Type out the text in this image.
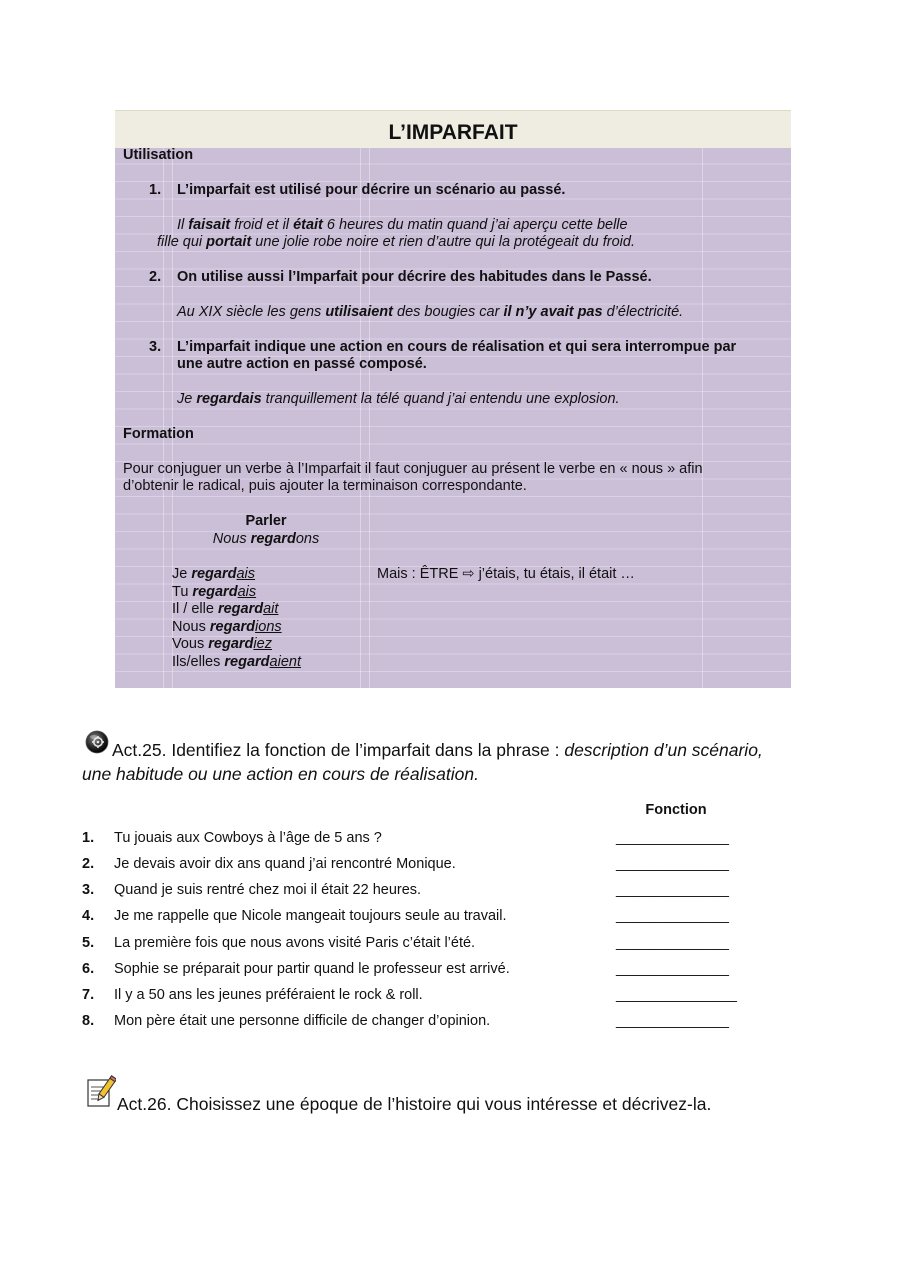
L’IMPARFAIT
Utilisation
1. L’imparfait est utilisé pour décrire un scénario au passé.
Il faisait froid et il était 6 heures du matin quand j’ai aperçu cette belle
fille qui portait une jolie robe noire et rien d’autre qui la protégeait du froid.
2. On utilise aussi l’Imparfait pour décrire des habitudes dans le Passé.
Au XIX siècle les gens utilisaient des bougies car il n’y avait pas d’électricité.
3. L’imparfait indique une action en cours de réalisation et qui sera interrompue par
une autre action en passé composé.
Je regardais tranquillement la télé quand j’ai entendu une explosion.
Formation
Pour conjuguer un verbe à l’Imparfait il faut conjuguer au présent le verbe en « nous » afin
d’obtenir le radical, puis ajouter la terminaison correspondante.
Parler
Nous regardons
Je regardais
Tu regardais
Il / elle regardait
Nous regardions
Vous regardiez
Ils/elles regardaient
Mais : ÊTRE ⇨ j’étais, tu étais, il était …
Act.25. Identifiez la fonction de l’imparfait dans la phrase : description d’un scénario,
une habitude ou une action en cours de réalisation.
Fonction
1. Tu jouais aux Cowboys à l’âge de 5 ans ?	______________
2. Je devais avoir dix ans quand j’ai rencontré Monique.	______________
3. Quand je suis rentré chez moi il était 22 heures.	______________
4. Je me rappelle que Nicole mangeait toujours seule au travail.	______________
5. La première fois que nous avons visité Paris c’était l’été.	______________
6. Sophie se préparait pour partir quand le professeur est arrivé.	______________
7. Il y a 50 ans les jeunes préféraient le rock & roll.	_______________
8. Mon père était une personne difficile de changer d’opinion.	______________
Act.26. Choisissez une époque de l’histoire qui vous intéresse et décrivez-la.
